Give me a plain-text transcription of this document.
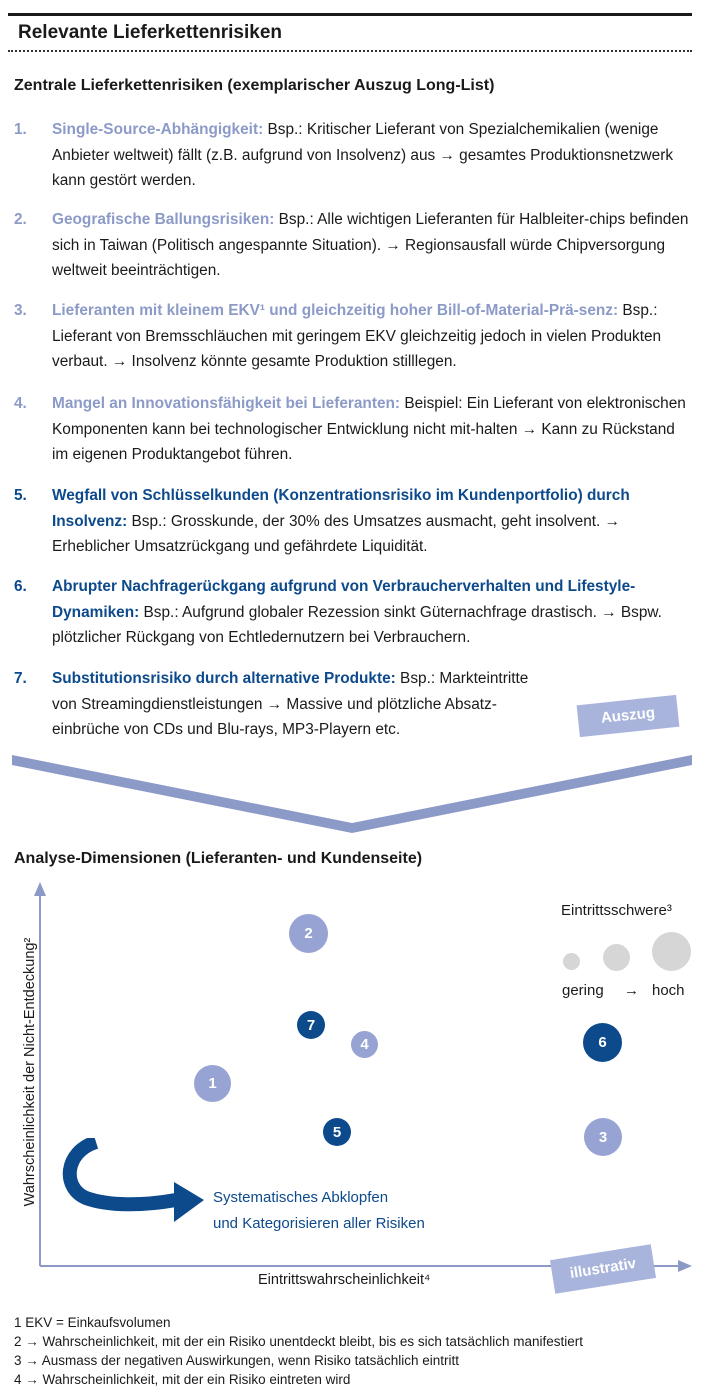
Relevante Lieferkettenrisiken
Zentrale Lieferkettenrisiken (exemplarischer Auszug Long-List)
1. Single-Source-Abhängigkeit: Bsp.: Kritischer Lieferant von Spezialchemikalien (wenige Anbieter weltweit) fällt (z.B. aufgrund von Insolvenz) aus → gesamtes Produktionsnetzwerk kann gestört werden.
2. Geografische Ballungsrisiken: Bsp.: Alle wichtigen Lieferanten für Halbleiter-chips befinden sich in Taiwan (Politisch angespannte Situation). → Regionsausfall würde Chipversorgung weltweit beeinträchtigen.
3. Lieferanten mit kleinem EKV¹ und gleichzeitig hoher Bill-of-Material-Prä-senz: Bsp.: Lieferant von Bremsschläuchen mit geringem EKV gleichzeitig jedoch in vielen Produkten verbaut. → Insolvenz könnte gesamte Produktion stilllegen.
4. Mangel an Innovationsfähigkeit bei Lieferanten: Beispiel: Ein Lieferant von elektronischen Komponenten kann bei technologischer Entwicklung nicht mit-halten → Kann zu Rückstand im eigenen Produktangebot führen.
5. Wegfall von Schlüsselkunden (Konzentrationsrisiko im Kundenportfolio) durch Insolvenz: Bsp.: Grosskunde, der 30% des Umsatzes ausmacht, geht insolvent. → Erheblicher Umsatzrückgang und gefährdete Liquidität.
6. Abrupter Nachfragerückgang aufgrund von Verbraucherverhalten und Lifestyle-Dynamiken: Bsp.: Aufgrund globaler Rezession sinkt Güternachfrage drastisch. → Bspw. plötzlicher Rückgang von Echtledernutzern bei Verbrauchern.
7. Substitutionsrisiko durch alternative Produkte: Bsp.: Markteintritte von Streamingdienstleistungen → Massive und plötzliche Absatz-einbrüche von CDs und Blu-rays, MP3-Playern etc.
Auszug
Analyse-Dimensionen (Lieferanten- und Kundenseite)
Wahrscheinlichkeit der Nicht-Entdeckung²
Eintrittswahrscheinlichkeit⁴
Eintrittsschwere³
gering → hoch
2
7
4
1
5
6
3
Systematisches Abklopfen
und Kategorisieren aller Risiken
illustrativ
1 EKV = Einkaufsvolumen
2 → Wahrscheinlichkeit, mit der ein Risiko unentdeckt bleibt, bis es sich tatsächlich manifestiert
3 → Ausmass der negativen Auswirkungen, wenn Risiko tatsächlich eintritt
4 → Wahrscheinlichkeit, mit der ein Risiko eintreten wird
